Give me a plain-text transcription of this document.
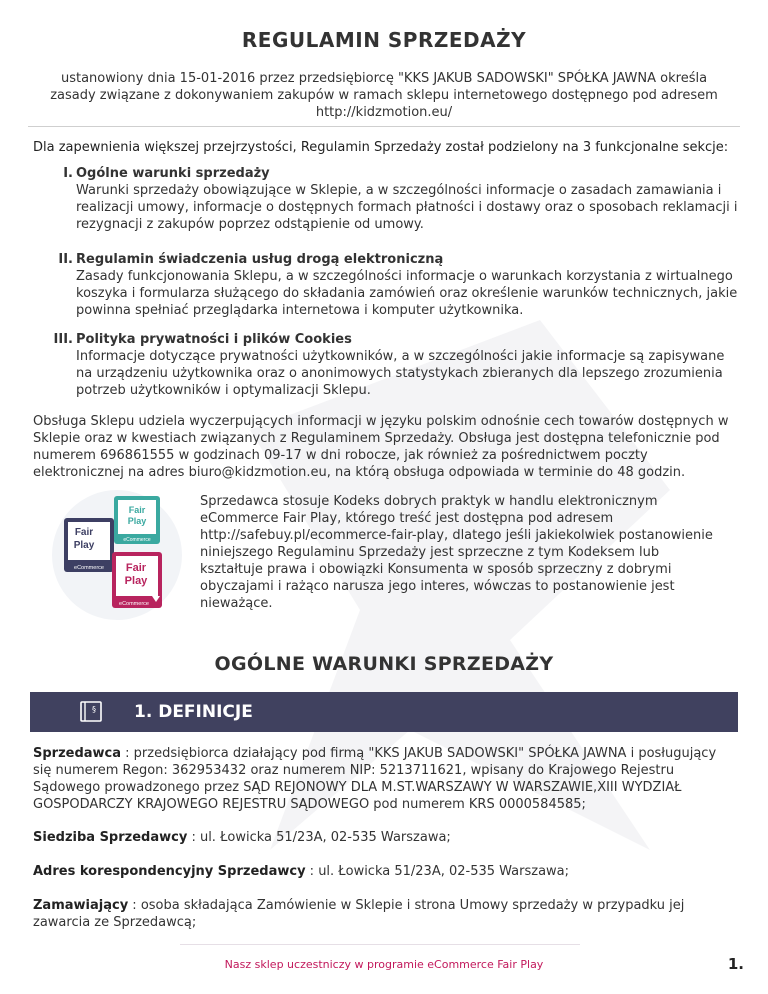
REGULAMIN SPRZEDAŻY
ustanowiony dnia 15-01-2016 przez przedsiębiorcę "KKS JAKUB SADOWSKI" SPÓŁKA JAWNA określa zasady związane z dokonywaniem zakupów w ramach sklepu internetowego dostępnego pod adresem http://kidzmotion.eu/
Dla zapewnienia większej przejrzystości, Regulamin Sprzedaży został podzielony na 3 funkcjonalne sekcje:
I. Ogólne warunki sprzedaży
Warunki sprzedaży obowiązujące w Sklepie, a w szczególności informacje o zasadach zamawiania i realizacji umowy, informacje o dostępnych formach płatności i dostawy oraz o sposobach reklamacji i rezygnacji z zakupów poprzez odstąpienie od umowy.
II. Regulamin świadczenia usług drogą elektroniczną
Zasady funkcjonowania Sklepu, a w szczególności informacje o warunkach korzystania z wirtualnego koszyka i formularza służącego do składania zamówień oraz określenie warunków technicznych, jakie powinna spełniać przeglądarka internetowa i komputer użytkownika.
III. Polityka prywatności i plików Cookies
Informacje dotyczące prywatności użytkowników, a w szczególności jakie informacje są zapisywane na urządzeniu użytkownika oraz o anonimowych statystykach zbieranych dla lepszego zrozumienia potrzeb użytkowników i optymalizacji Sklepu.
Obsługa Sklepu udziela wyczerpujących informacji w języku polskim odnośnie cech towarów dostępnych w Sklepie oraz w kwestiach związanych z Regulaminem Sprzedaży. Obsługa jest dostępna telefonicznie pod numerem 696861555 w godzinach 09-17 w dni robocze, jak również za pośrednictwem poczty elektronicznej na adres biuro@kidzmotion.eu, na którą obsługa odpowiada w terminie do 48 godzin.
Fair
Play
eCommerce
Fair
Play
eCommerce Fair
Play
eCommerce
Sprzedawca stosuje Kodeks dobrych praktyk w handlu elektronicznym eCommerce Fair Play, którego treść jest dostępna pod adresem http://safebuy.pl/ecommerce-fair-play, dlatego jeśli jakiekolwiek postanowienie niniejszego Regulaminu Sprzedaży jest sprzeczne z tym Kodeksem lub kształtuje prawa i obowiązki Konsumenta w sposób sprzeczny z dobrymi obyczajami i rażąco narusza jego interes, wówczas to postanowienie jest nieważące.
OGÓLNE WARUNKI SPRZEDAŻY
§ 1. DEFINICJE
Sprzedawca : przedsiębiorca działający pod firmą "KKS JAKUB SADOWSKI" SPÓŁKA JAWNA i posługujący się numerem Regon: 362953432 oraz numerem NIP: 5213711621, wpisany do Krajowego Rejestru Sądowego prowadzonego przez SĄD REJONOWY DLA M.ST.WARSZAWY W WARSZAWIE,XIII WYDZIAŁ GOSPODARCZY KRAJOWEGO REJESTRU SĄDOWEGO pod numerem KRS 0000584585;
Siedziba Sprzedawcy : ul. Łowicka 51/23A, 02-535 Warszawa;
Adres korespondencyjny Sprzedawcy : ul. Łowicka 51/23A, 02-535 Warszawa;
Zamawiający : osoba składająca Zamówienie w Sklepie i strona Umowy sprzedaży w przypadku jej zawarcia ze Sprzedawcą;
Nasz sklep uczestniczy w programie eCommerce Fair Play	1.
